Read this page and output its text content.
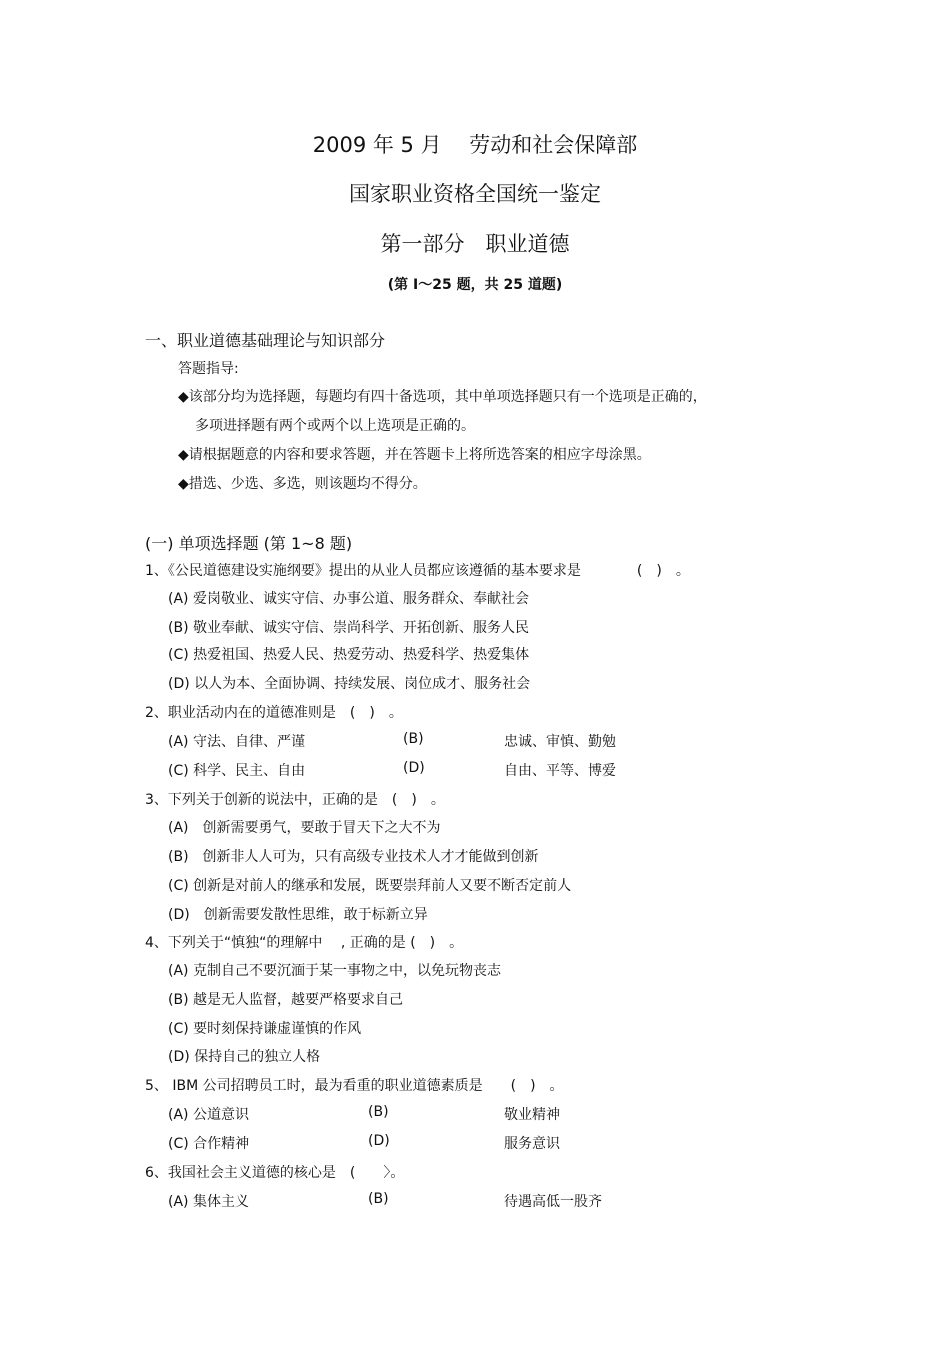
2009 年 5 月　 劳动和社会保障部
国家职业资格全国统一鉴定
第一部分　职业道德
(第 I～25 题，共 25 道题)
一、职业道德基础理论与知识部分
答题指导:
◆该部分均为选择题，每题均有四十备选项，其中单项选择题只有一个选项是正确的，
多项进择题有两个或两个以上选项是正确的。
◆请根据题意的内容和要求答题，并在答题卡上将所选答案的相应字母涂黑。
◆措选、少选、多选，则该题均不得分。
(一) 单项选择题 (第 1~8 题)
1、《公民道德建设实施纲要》提出的从业人员都应该遵循的基本要求是　　　　(　)　。
(A) 爱岗敬业、诚实守信、办事公道、服务群众、奉献社会
(B) 敬业奉献、诚实守信、崇尚科学、开拓创新、服务人民
(C) 热爱祖国、热爱人民、热爱劳动、热爱科学、热爱集体
(D) 以人为本、全面协调、持续发展、岗位成才、服务社会
2、职业活动内在的道德准则是　(　)　。
(A) 守法、自律、严谨	(B)	忠诚、审慎、勤勉
(C) 科学、民主、自由	(D)	自由、平等、博爱
3、下列关于创新的说法中，正确的是　(　)　。
(A)　创新需要勇气，要敢于冒天下之大不为
(B)　创新非人人可为，只有高级专业技术人才才能做到创新
(C) 创新是对前人的继承和发展，既要崇拜前人又要不断否定前人
(D)　创新需要发散性思维，敢于标新立异
4、下列关于“慎独“的理解中　 , 正确的是 (　)　。
(A) 克制自己不要沉湎于某一事物之中，以免玩物丧志
(B) 越是无人监督，越要严格要求自己
(C) 要时刻保持谦虚谨慎的作风
(D) 保持自己的独立人格
5、 IBM 公司招聘员工时，最为看重的职业道德素质是　　(　)　。
(A) 公道意识	(B)	敬业精神
(C) 合作精神	(D)	服务意识
6、我国社会主义道德的核心是　(　　〉。
(A) 集体主义	(B)	待遇高低一股齐
